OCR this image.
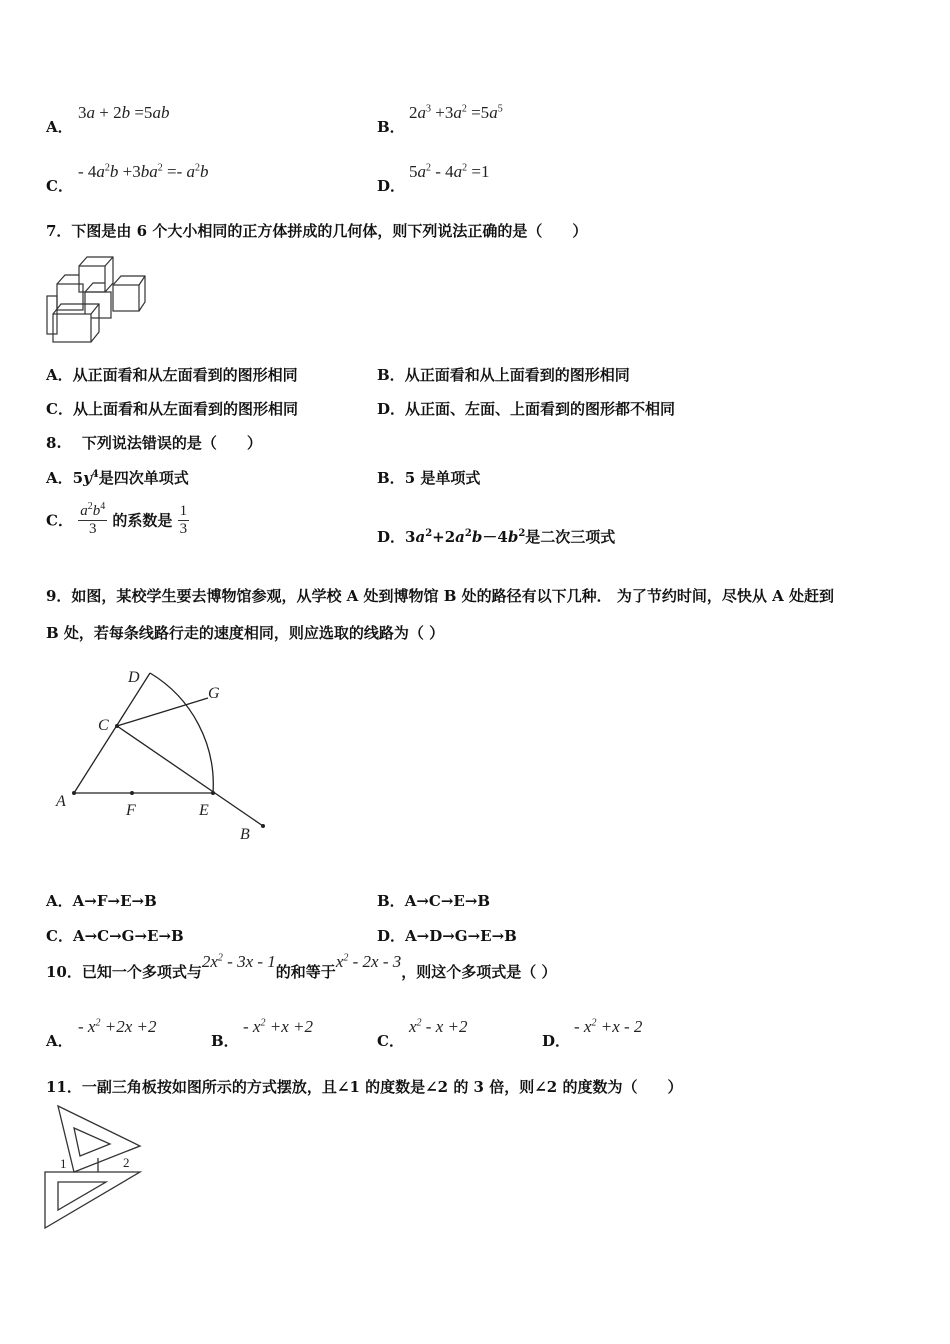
A．
3a + 2b =5ab
B．
$2a^3 +3a^2 =5a^5$
C．
- $4a^2b +3ba^2 =- a^2b$
D．
$5a^2 - 4a^2 =1$
7．下图是由 6 个大小相同的正方体拼成的几何体，则下列说法正确的是（　　）
A．从正面看和从左面看到的图形相同	B．从正面看和从上面看到的图形相同
C．从上面看和从左面看到的图形相同	D．从正面、左面、上面看到的图形都不相同
8.　 下列说法错误的是（　　）
A．$5y^4$是四次单项式	B．5 是单项式
C． $\frac{a^2b^4}{3}$ 的系数是 $\frac{1}{3}$	D．$3a^2+2a^2b-4b^2$是二次三项式
9．如图，某校学生要去博物馆参观，从学校 A 处到博物馆 B 处的路径有以下几种． 为了节约时间，尽快从 A 处赶到
B 处，若每条线路行走的速度相同，则应选取的线路为（ ）
D
G
C
A
F	E
B
A．A→F→E→B	B．A→C→E→B
C．A→C→G→E→B	D．A→D→G→E→B
10．已知一个多项式与$2x^2 - 3x - 1$的和等于$x^2 - 2x - 3$，则这个多项式是（ ）
A．
- $x^2 +2x +2$
B．
- $x^2 +x +2$
C．
$x^2 - x +2$
D．
- $x^2 +x - 2$
11．一副三角板按如图所示的方式摆放，且∠1 的度数是∠2 的 3 倍，则∠2 的度数为（　　）
1	2
